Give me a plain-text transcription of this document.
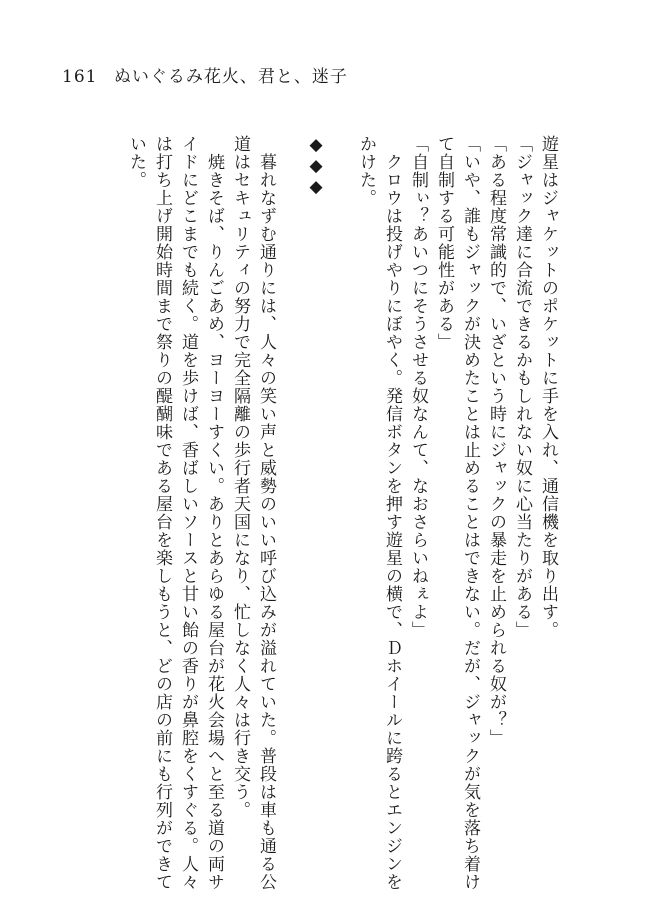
161 ぬいぐるみ花火、君と、迷子
遊星はジャケットのポケットに手を入れ、通信機を取り出す。
「ジャック達に合流できるかもしれない奴に心当たりがある」
「ある程度常識的で、いざという時にジャックの暴走を止められる奴が？」
「いや、誰もジャックが決めたことは止めることはできない。だが、ジャックが気を落ち着け
て自制する可能性がある」
「自制ぃ？あいつにそうさせる奴なんて、なおさらいねぇよ」
　クロウは投げやりにぼやく。発信ボタンを押す遊星の横で、Ｄホイールに跨るとエンジンを
かけた。
◆◆◆
　暮れなずむ通りには、人々の笑い声と威勢のいい呼び込みが溢れていた。普段は車も通る公
道はセキュリティの努力で完全隔離の歩行者天国になり、忙しなく人々は行き交う。
　焼きそば、りんごあめ、ヨーヨーすくい。ありとあらゆる屋台が花火会場へと至る道の両サ
イドにどこまでも続く。道を歩けば、香ばしいソースと甘い飴の香りが鼻腔をくすぐる。人々
は打ち上げ開始時間まで祭りの醍醐味である屋台を楽しもうと、どの店の前にも行列ができて
いた。
